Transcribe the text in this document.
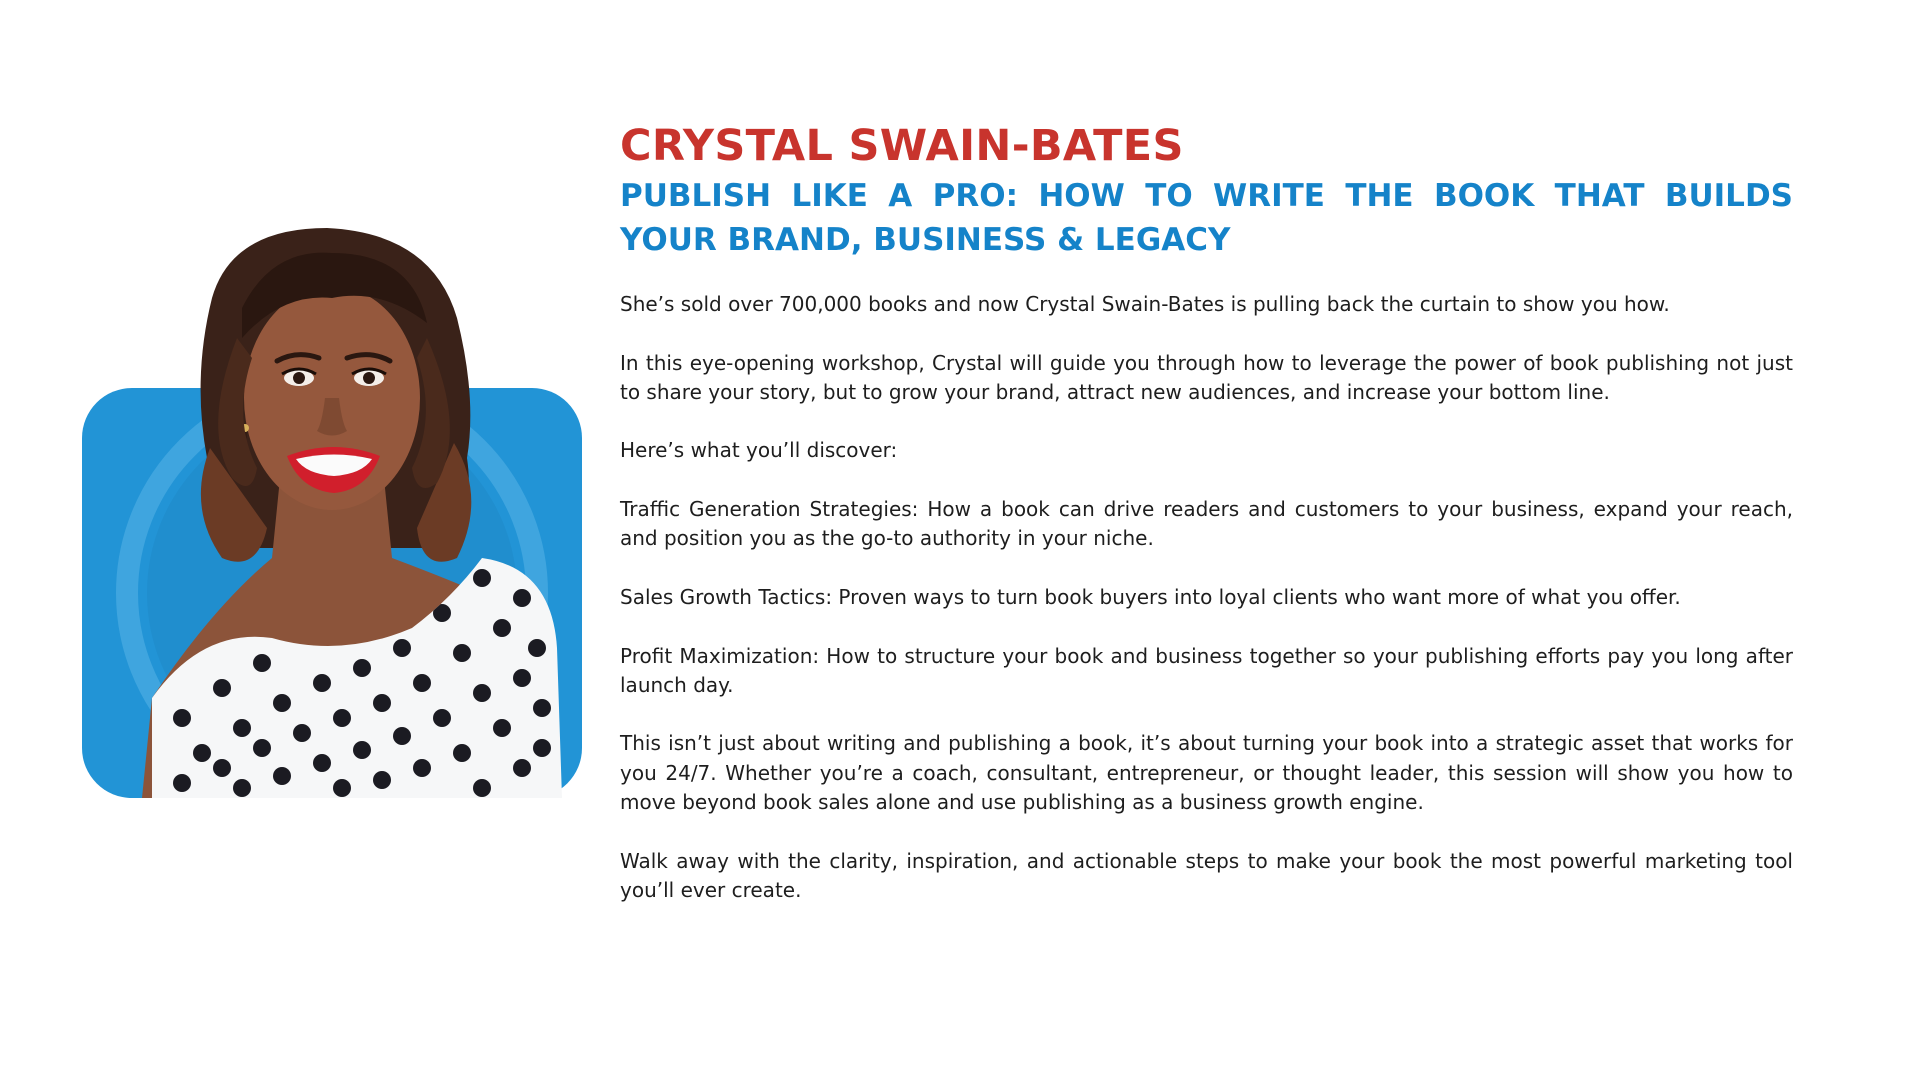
CRYSTAL SWAIN-BATES
PUBLISH LIKE A PRO: HOW TO WRITE THE BOOK THAT BUILDS YOUR BRAND, BUSINESS & LEGACY

She’s sold over 700,000 books and now Crystal Swain-Bates is pulling back the curtain to show you how.

In this eye-opening workshop, Crystal will guide you through how to leverage the power of book publishing not just to share your story, but to grow your brand, attract new audiences, and increase your bottom line.

Here’s what you’ll discover:

Traffic Generation Strategies: How a book can drive readers and customers to your business, expand your reach, and position you as the go-to authority in your niche.

Sales Growth Tactics: Proven ways to turn book buyers into loyal clients who want more of what you offer.

Profit Maximization: How to structure your book and business together so your publishing efforts pay you long after launch day.

This isn’t just about writing and publishing a book, it’s about turning your book into a strategic asset that works for you 24/7. Whether you’re a coach, consultant, entrepreneur, or thought leader, this session will show you how to move beyond book sales alone and use publishing as a business growth engine.

Walk away with the clarity, inspiration, and actionable steps to make your book the most powerful marketing tool you’ll ever create.
